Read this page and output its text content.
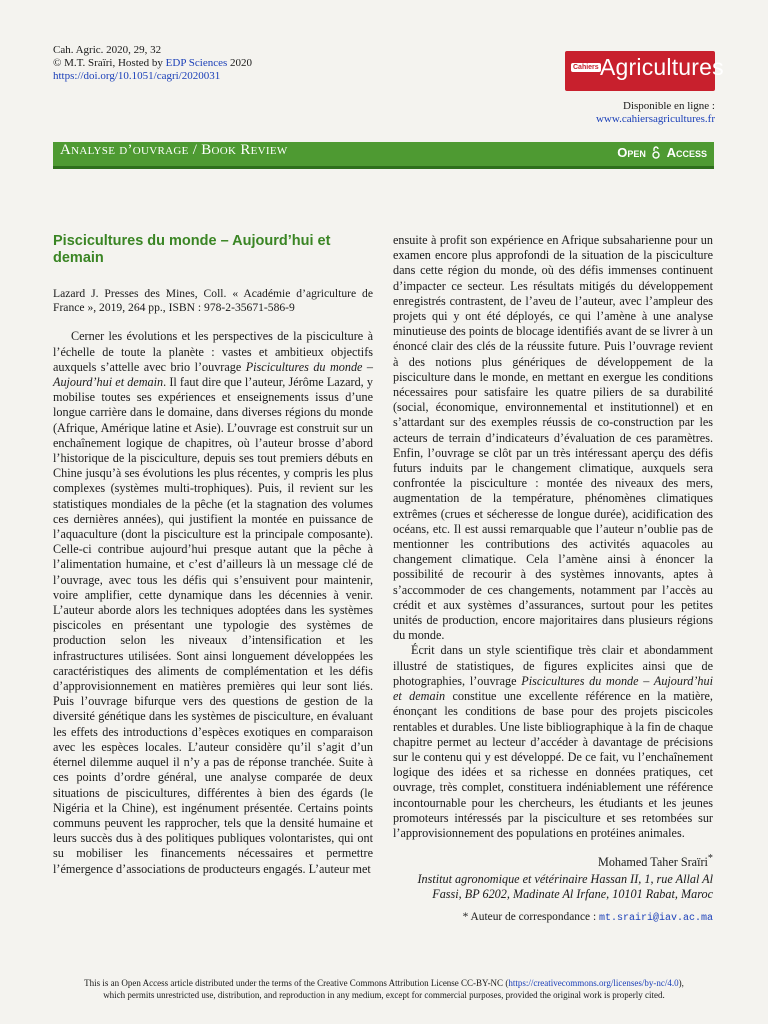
Cah. Agric. 2020, 29, 32
© M.T. Sraïri, Hosted by EDP Sciences 2020
https://doi.org/10.1051/cagri/2020031
Cahiers Agricultures
Disponible en ligne :
www.cahiersagricultures.fr
Analyse d’ouvrage / Book Review	Open Access
Piscicultures du monde – Aujourd’hui et demain
Lazard J. Presses des Mines, Coll. « Académie d’agriculture de France », 2019, 264 pp., ISBN : 978-2-35671-586-9

Cerner les évolutions et les perspectives de la pisciculture à l’échelle de toute la planète : vastes et ambitieux objectifs auxquels s’attelle avec brio l’ouvrage Piscicultures du monde – Aujourd’hui et demain. Il faut dire que l’auteur, Jérôme Lazard, y mobilise toutes ses expériences et enseignements issus d’une longue carrière dans le domaine, dans diverses régions du monde (Afrique, Amérique latine et Asie). L’ouvrage est construit sur un enchaînement logique de chapitres, où l’auteur brosse d’abord l’historique de la pisciculture, depuis ses tout premiers débuts en Chine jusqu’à ses évolutions les plus récentes, y compris les plus complexes (systèmes multi-trophiques). Puis, il revient sur les statistiques mondiales de la pêche (et la stagnation des volumes ces dernières années), qui justifient la montée en puissance de l’aquaculture (dont la pisciculture est la principale composante). Celle-ci contribue aujourd’hui presque autant que la pêche à l’alimentation humaine, et c’est d’ailleurs là un message clé de l’ouvrage, avec tous les défis qui s’ensuivent pour maintenir, voire amplifier, cette dynamique dans les décennies à venir. L’auteur aborde alors les techniques adoptées dans les systèmes piscicoles en présentant une typologie des systèmes de production selon les niveaux d’intensification et les infrastructures utilisées. Sont ainsi longuement développées les caractéristiques des aliments de complémentation et les défis d’approvisionnement en matières premières qui leur sont liés. Puis l’ouvrage bifurque vers des questions de gestion de la diversité génétique dans les systèmes de pisciculture, en évaluant les effets des introductions d’espèces exotiques en comparaison avec les espèces locales. L’auteur considère qu’il s’agit d’un éternel dilemme auquel il n’y a pas de réponse tranchée. Suite à ces points d’ordre général, une analyse comparée de deux situations de piscicultures, différentes à bien des égards (le Nigéria et la Chine), est ingénument présentée. Certains points communs peuvent les rapprocher, tels que la densité humaine et leurs succès dus à des politiques publiques volontaristes, qui ont su mobiliser les financements nécessaires et permettre l’émergence d’associations de producteurs engagés. L’auteur met

ensuite à profit son expérience en Afrique subsaharienne pour un examen encore plus approfondi de la situation de la pisciculture dans cette région du monde, où des défis immenses continuent d’impacter ce secteur. Les résultats mitigés du développement enregistrés contrastent, de l’aveu de l’auteur, avec l’ampleur des projets qui y ont été déployés, ce qui l’amène à une analyse minutieuse des points de blocage identifiés avant de se livrer à un énoncé clair des clés de la réussite future. Puis l’ouvrage revient à des notions plus génériques de développement de la pisciculture dans le monde, en mettant en exergue les conditions nécessaires pour satisfaire les quatre piliers de sa durabilité (social, économique, environnemental et institutionnel) et en s’attardant sur des exemples réussis de co-construction par les acteurs de terrain d’indicateurs d’évaluation de ces paramètres. Enfin, l’ouvrage se clôt par un très intéressant aperçu des défis futurs induits par le changement climatique, auxquels sera confrontée la pisciculture : montée des niveaux des mers, augmentation de la température, phénomènes climatiques extrêmes (crues et sécheresse de longue durée), acidification des océans, etc. Il est aussi remarquable que l’auteur n’oublie pas de mentionner les contributions des activités aquacoles au changement climatique. Cela l’amène ainsi à énoncer la possibilité de recourir à des systèmes innovants, aptes à s’accommoder de ces changements, notamment par l’accès au crédit et aux systèmes d’assurances, surtout pour les petites unités de production, encore majoritaires dans plusieurs régions du monde.

Écrit dans un style scientifique très clair et abondamment illustré de statistiques, de figures explicites ainsi que de photographies, l’ouvrage Piscicultures du monde – Aujourd’hui et demain constitue une excellente référence en la matière, énonçant les conditions de base pour des projets piscicoles rentables et durables. Une liste bibliographique à la fin de chaque chapitre permet au lecteur d’accéder à davantage de précisions sur le contenu qui y est développé. De ce fait, vu l’enchaînement logique des idées et sa richesse en données pratiques, cet ouvrage, très complet, constituera indéniablement une référence incontournable pour les chercheurs, les étudiants et les jeunes promoteurs intéressés par la pisciculture et ses retombées sur l’approvisionnement des populations en protéines animales.

Mohamed Taher Sraïri*
Institut agronomique et vétérinaire Hassan II, 1, rue Allal Al Fassi, BP 6202, Madinate Al Irfane, 10101 Rabat, Maroc
* Auteur de correspondance : mt.srairi@iav.ac.ma
This is an Open Access article distributed under the terms of the Creative Commons Attribution License CC-BY-NC (https://creativecommons.org/licenses/by-nc/4.0),
which permits unrestricted use, distribution, and reproduction in any medium, except for commercial purposes, provided the original work is properly cited.
